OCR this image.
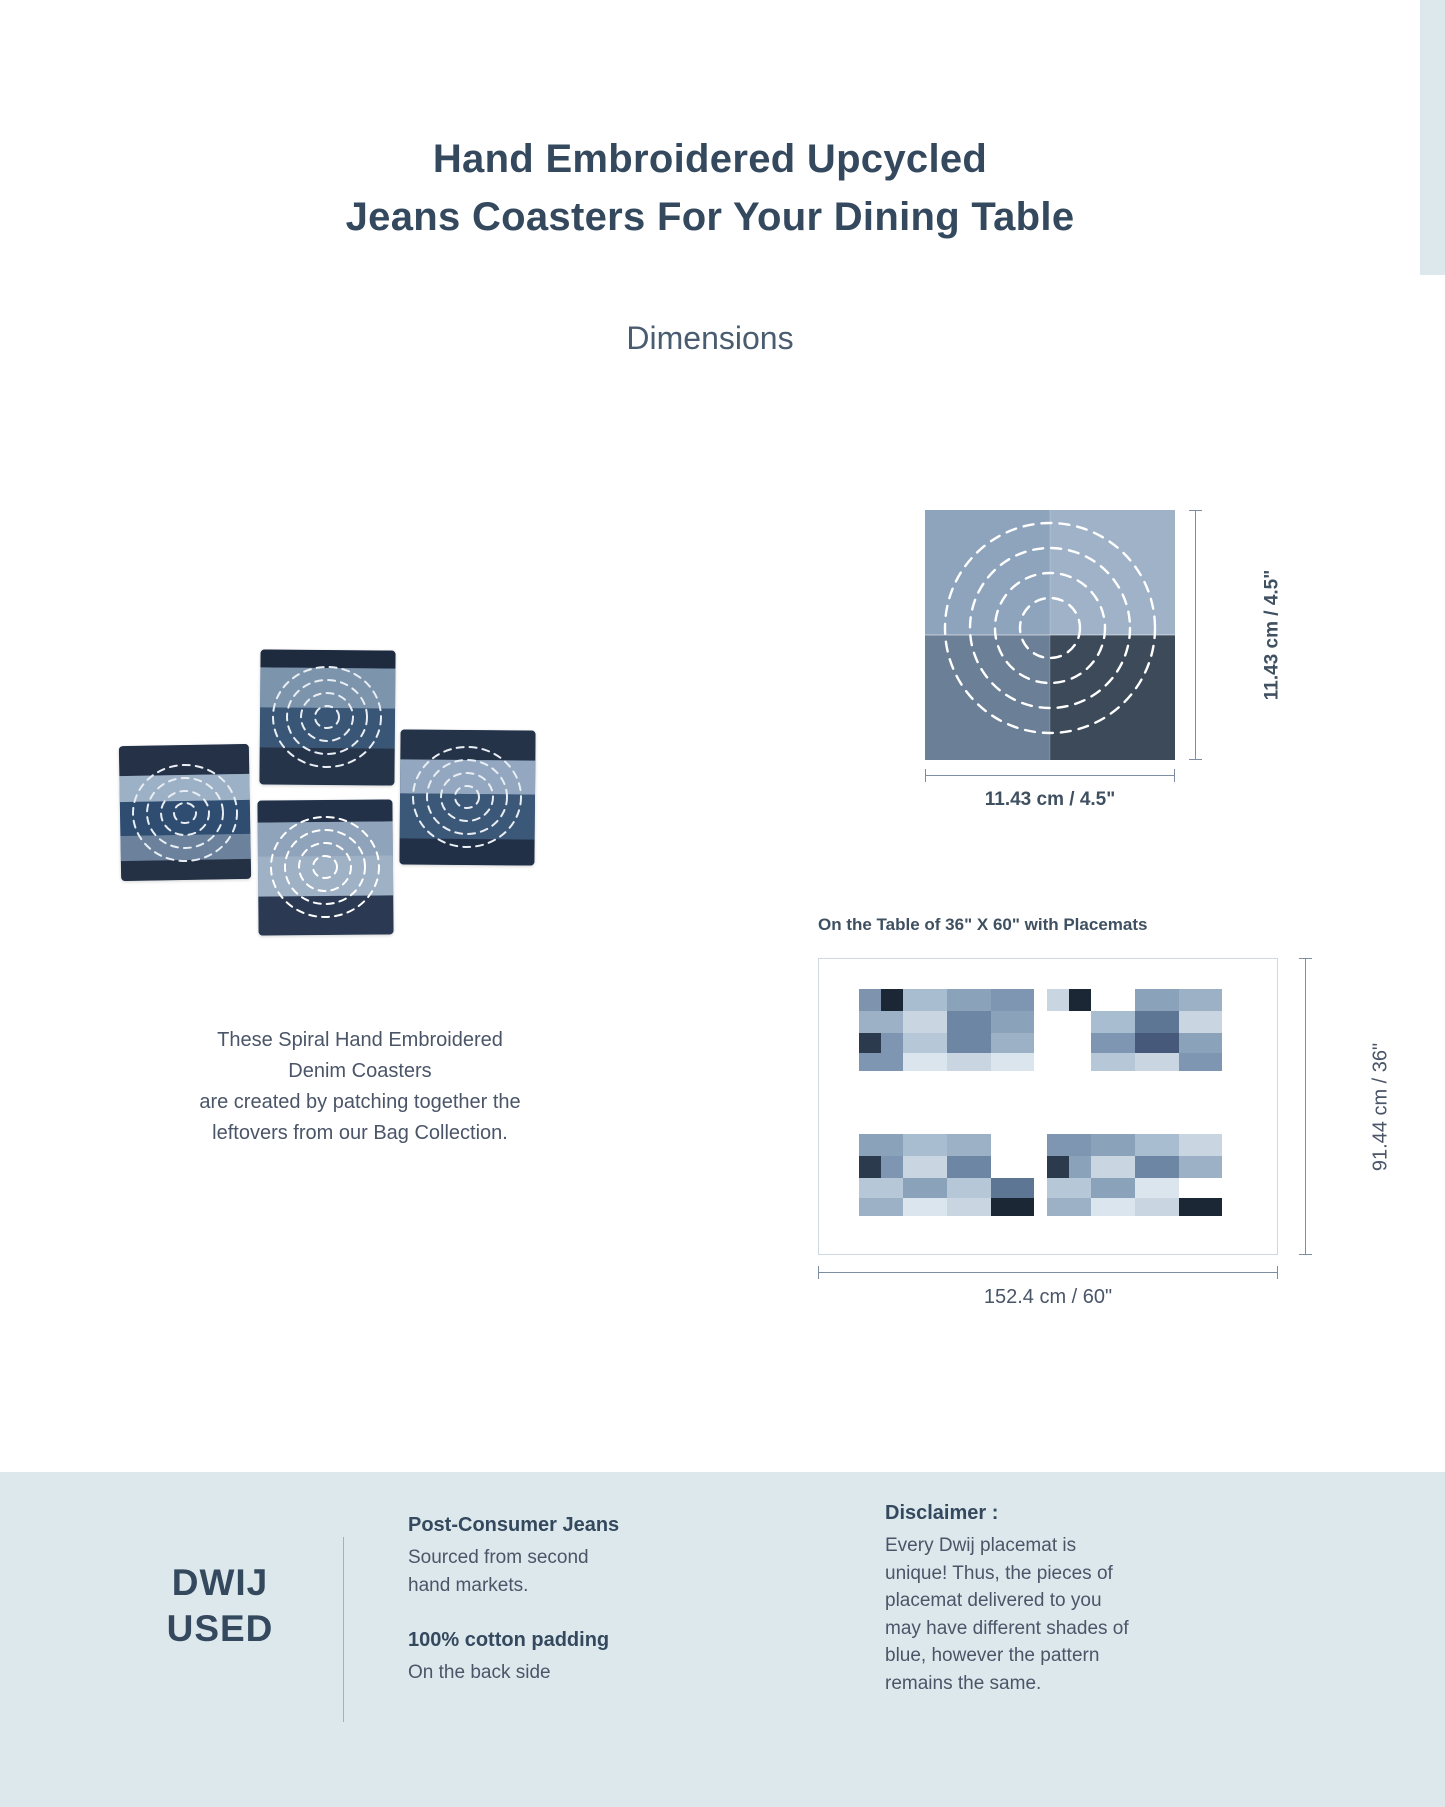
Hand Embroidered Upcycled
Jeans Coasters For Your Dining Table
Dimensions
These Spiral Hand Embroidered
Denim Coasters
are created by patching together the
leftovers from our Bag Collection.
11.43 cm / 4.5"
11.43 cm / 4.5"
On the Table of 36" X 60" with Placemats
91.44 cm / 36"
152.4 cm / 60"
DWIJ
USED
Post-Consumer Jeans
Sourced from second
hand markets.
100% cotton padding
On the back side
Disclaimer :
Every Dwij placemat is
unique! Thus, the pieces of
placemat delivered to you
may have different shades of
blue, however the pattern
remains the same.
